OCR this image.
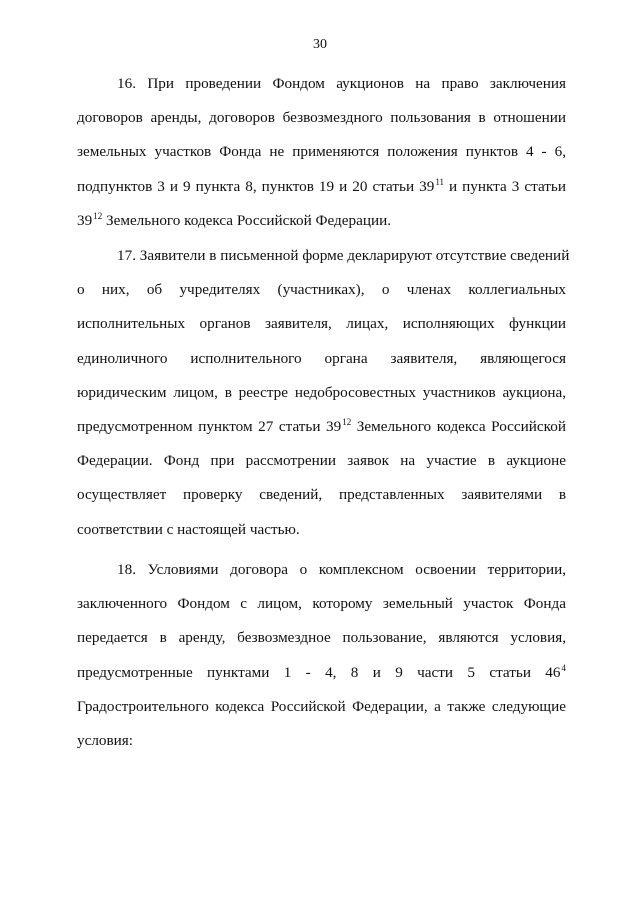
30
16. При проведении Фондом аукционов на право заключения
договоров аренды, договоров безвозмездного пользования в отношении
земельных участков Фонда не применяются положения пунктов 4 - 6,
подпунктов 3 и 9 пункта 8, пунктов 19 и 20 статьи $39^{11}$ и пункта 3 статьи
$39^{12}$ Земельного кодекса Российской Федерации.
17. Заявители в письменной форме декларируют отсутствие сведений
о них, об учредителях (участниках), о членах коллегиальных
исполнительных органов заявителя, лицах, исполняющих функции
единоличного исполнительного органа заявителя, являющегося
юридическим лицом, в реестре недобросовестных участников аукциона,
предусмотренном пунктом 27 статьи $39^{12}$ Земельного кодекса Российской
Федерации. Фонд при рассмотрении заявок на участие в аукционе
осуществляет проверку сведений, представленных заявителями в
соответствии с настоящей частью.
18. Условиями договора о комплексном освоении территории,
заключенного Фондом с лицом, которому земельный участок Фонда
передается в аренду, безвозмездное пользование, являются условия,
предусмотренные пунктами 1 - 4, 8 и 9 части 5 статьи $46^4$
Градостроительного кодекса Российской Федерации, а также следующие
условия:
